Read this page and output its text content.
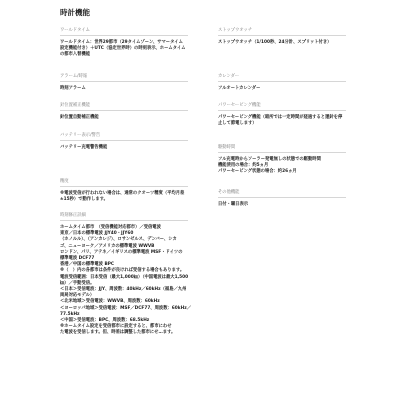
時計機能
ワールドタイム
ワールドタイム：世界29都市（29タイムゾーン、サマータイム
設定機能付き）＋UTC（協定世界時）の時刻表示、ホームタイム
の都市入替機能
アラーム/時報
時刻アラーム
針位置補正機能
針位置自動補正機能
バッテリー表示/警告
バッテリー充電警告機能
精度
※電波受信が行われない場合は、通常のクオーツ精度（平均月差
±15秒）で動作します。
時刻修正詳細
ホームタイム都市　（受信機能対応都市）／受信電波
東京／日本の標準電波 JJY40・JJY60
（ホノルル）、（アンカレジ）、ロサンゼルス、デンバー、シカ
ゴ、ニューヨーク／アメリカの標準電波 WWVB
ロンドン、パリ、アテネ／イギリスの標準電波 MSF・ドイツの
標準電波 DCF77
香港／中国の標準電波 BPC
※（　）内の各都市は条件が良ければ受信する場合もあります。
電波受信範囲：日本受信（最大1,000㎞）（中国電波は最大1,500
㎞）／手動受信。
＜日本＞受信電波：JJY、周波数：40kHz／60kHz（福島／九州
両局対応モデル）
＜北米地域＞受信電波：WWVB、周波数：60kHz
＜ヨーロッパ地域＞受信電波：MSF／DCF77、周波数：60kHz／
77.5kHz
＜中国＞受信電波：BPC、周波数：68.5kHz
※ホームタイム設定を受信都市に設定すると、都市にわせ
た電波を受信します。但、時差は調整した都市にせ…ます。
ストップウオッチ
ストップウオッチ（1/100秒、24分計、スプリット付き）
カレンダー
フルオートカレンダー
パワーセービング機能
パワーセービング機能（暗所では一定時間が経過すると運針を停
止して節電します）
駆動時間
フル充電時からソーラー発電無しの状態での駆動時間
機能使用の場合：約5ヵ月
パワーセービング状態の場合：約26ヵ月
その他機能
日付・曜日表示
